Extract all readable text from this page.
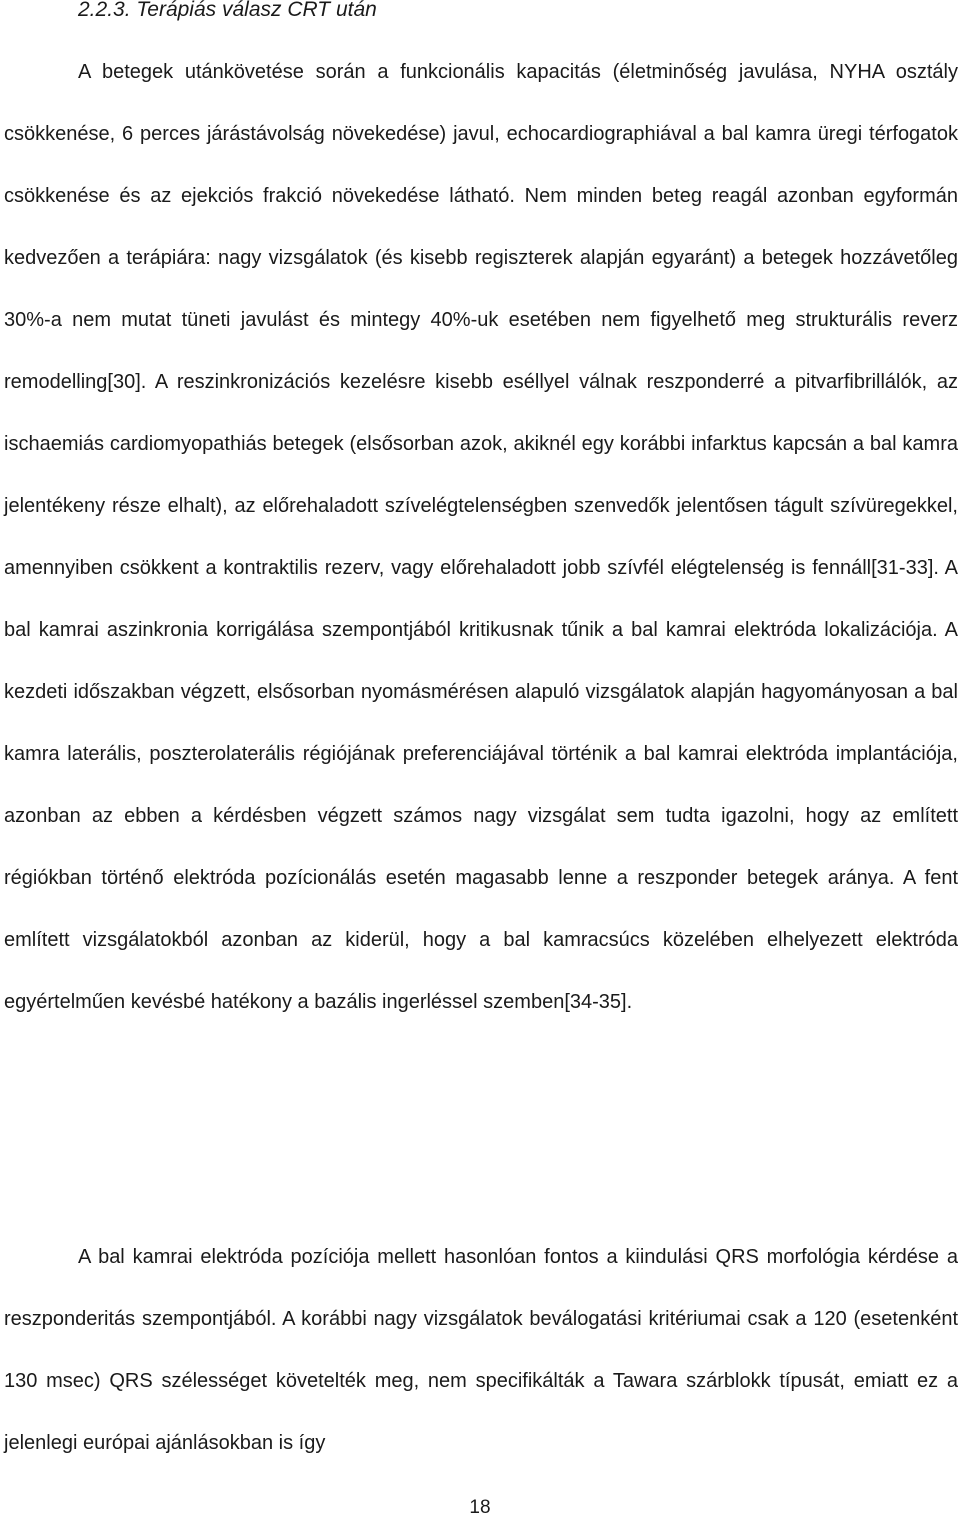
2.2.3. Terápiás válasz CRT után

A betegek utánkövetése során a funkcionális kapacitás (életminőség javulása, NYHA osztály csökkenése, 6 perces járástávolság növekedése) javul, echocardiographiával a bal kamra üregi térfogatok csökkenése és az ejekciós frakció növekedése látható. Nem minden beteg reagál azonban egyformán kedvezően a terápiára: nagy vizsgálatok (és kisebb regiszterek alapján egyaránt) a betegek hozzávetőleg 30%-a nem mutat tüneti javulást és mintegy 40%-uk esetében nem figyelhető meg strukturális reverz remodelling[30]. A reszinkronizációs kezelésre kisebb eséllyel válnak reszponderré a pitvarfibrillálók, az ischaemiás cardiomyopathiás betegek (elsősorban azok, akiknél egy korábbi infarktus kapcsán a bal kamra jelentékeny része elhalt), az előrehaladott szívelégtelenségben szenvedők jelentősen tágult szívüregekkel, amennyiben csökkent a kontraktilis rezerv, vagy előrehaladott jobb szívfél elégtelenség is fennáll[31-33]. A bal kamrai aszinkronia korrigálása szempontjából kritikusnak tűnik a bal kamrai elektróda lokalizációja. A kezdeti időszakban végzett, elsősorban nyomásmérésen alapuló vizsgálatok alapján hagyományosan a bal kamra laterális, poszterolaterális régiójának preferenciájával történik a bal kamrai elektróda implantációja, azonban az ebben a kérdésben végzett számos nagy vizsgálat sem tudta igazolni, hogy az említett régiókban történő elektróda pozícionálás esetén magasabb lenne a reszponder betegek aránya. A fent említett vizsgálatokból azonban az kiderül, hogy a bal kamracsúcs közelében elhelyezett elektróda egyértelműen kevésbé hatékony a bazális ingerléssel szemben[34-35].

A bal kamrai elektróda pozíciója mellett hasonlóan fontos a kiindulási QRS morfológia kérdése a reszponderitás szempontjából. A korábbi nagy vizsgálatok beválogatási kritériumai csak a 120 (esetenként 130 msec) QRS szélességet követelték meg, nem specifikálták a Tawara szárblokk típusát, emiatt ez a jelenlegi európai ajánlásokban is így

18
